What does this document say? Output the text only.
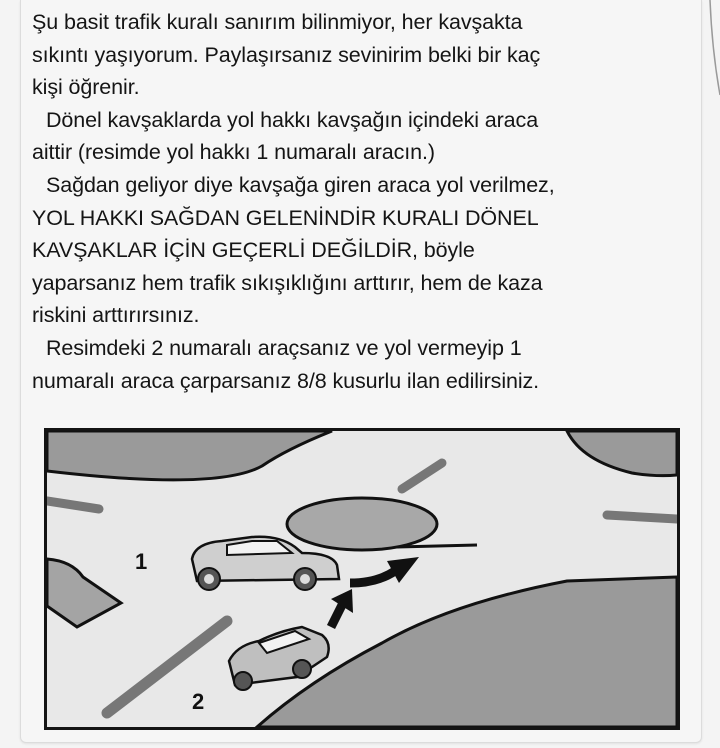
Şu basit trafik kuralı sanırım bilinmiyor, her kavşakta
sıkıntı yaşıyorum. Paylaşırsanız sevinirim belki bir kaç
kişi öğrenir.

Dönel kavşaklarda yol hakkı kavşağın içindeki araca
aittir (resimde yol hakkı 1 numaralı aracın.)

Sağdan geliyor diye kavşağa giren araca yol verilmez,
YOL HAKKI SAĞDAN GELENİNDİR KURALI DÖNEL
KAVŞAKLAR İÇİN GEÇERLİ DEĞİLDİR, böyle
yaparsanız hem trafik sıkışıklığını arttırır, hem de kaza
riskini arttırırsınız.

Resimdeki 2 numaralı araçsanız ve yol vermeyip 1
numaralı araca çarparsanız 8/8 kusurlu ilan edilirsiniz.

1
2
